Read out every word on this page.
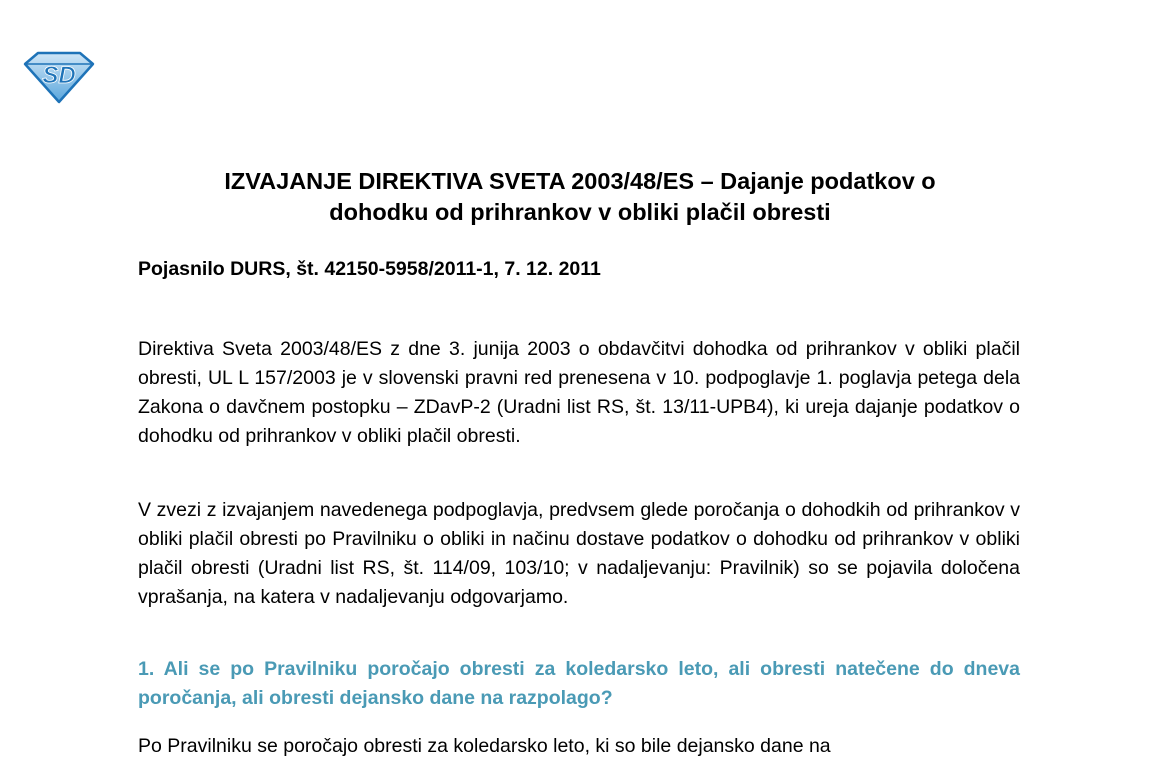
SD
IZVAJANJE DIREKTIVA SVETA 2003/48/ES – Dajanje podatkov o
dohodku od prihrankov v obliki plačil obresti
Pojasnilo DURS, št. 42150-5958/2011-1, 7. 12. 2011

Direktiva Sveta 2003/48/ES z dne 3. junija 2003 o obdavčitvi dohodka od prihrankov v obliki plačil obresti, UL L 157/2003 je v slovenski pravni red prenesena v 10. podpoglavje 1. poglavja petega dela Zakona o davčnem postopku – ZDavP-2 (Uradni list RS, št. 13/11-UPB4), ki ureja dajanje podatkov o dohodku od prihrankov v obliki plačil obresti.

V zvezi z izvajanjem navedenega podpoglavja, predvsem glede poročanja o dohodkih od prihrankov v obliki plačil obresti po Pravilniku o obliki in načinu dostave podatkov o dohodku od prihrankov v obliki plačil obresti (Uradni list RS, št. 114/09, 103/10; v nadaljevanju: Pravilnik) so se pojavila določena vprašanja, na katera v nadaljevanju odgovarjamo.

1. Ali se po Pravilniku poročajo obresti za koledarsko leto, ali obresti natečene do dneva poročanja, ali obresti dejansko dane na razpolago?

Po Pravilniku se poročajo obresti za koledarsko leto, ki so bile dejansko dane na
